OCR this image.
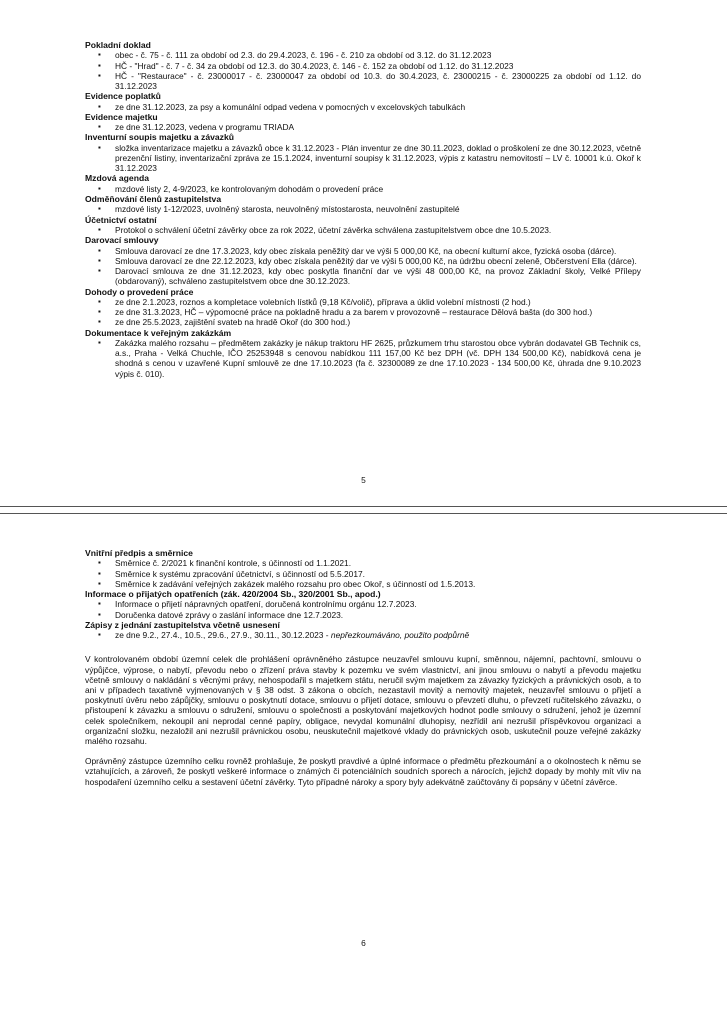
Pokladní doklad
▪ obec - č. 75 - č. 111 za období od 2.3. do 29.4.2023, č. 196 - č. 210 za období od 3.12. do 31.12.2023
▪ HČ - "Hrad" - č. 7 - č. 34 za období od 12.3. do 30.4.2023, č. 146 - č. 152 za období od 1.12. do 31.12.2023
▪ HČ - "Restaurace" - č. 23000017 - č. 23000047 za období od 10.3. do 30.4.2023, č. 23000215 - č. 23000225 za období od 1.12. do 31.12.2023
Evidence poplatků
▪ ze dne 31.12.2023, za psy a komunální odpad vedena v pomocných v excelovských tabulkách
Evidence majetku
▪ ze dne 31.12.2023, vedena v programu TRIADA
Inventurní soupis majetku a závazků
▪ složka inventarizace majetku a závazků obce k 31.12.2023 - Plán inventur ze dne 30.11.2023, doklad o proškolení ze dne 30.12.2023, včetně prezenční listiny, inventarizační zpráva ze 15.1.2024, inventurní soupisy k 31.12.2023, výpis z katastru nemovitostí – LV č. 10001 k.ú. Okoř k 31.12.2023
Mzdová agenda
▪ mzdové listy 2, 4-9/2023, ke kontrolovaným dohodám o provedení práce
Odměňování členů zastupitelstva
▪ mzdové listy 1-12/2023, uvolněný starosta, neuvolněný místostarosta, neuvolnění zastupitelé
Účetnictví ostatní
▪ Protokol o schválení účetní závěrky obce za rok 2022, účetní závěrka schválena zastupitelstvem obce dne 10.5.2023.
Darovací smlouvy
▪ Smlouva darovací ze dne 17.3.2023, kdy obec získala peněžitý dar ve výši 5 000,00 Kč, na obecní kulturní akce, fyzická osoba (dárce).
▪ Smlouva darovací ze dne 22.12.2023, kdy obec získala peněžitý dar ve výši 5 000,00 Kč, na údržbu obecní zeleně, Občerstvení Ella (dárce).
▪ Darovací smlouva ze dne 31.12.2023, kdy obec poskytla finanční dar ve výši 48 000,00 Kč, na provoz Základní školy, Velké Přílepy (obdarovaný), schváleno zastupitelstvem obce dne 30.12.2023.
Dohody o provedení práce
▪ ze dne 2.1.2023, roznos a kompletace volebních lístků (9,18 Kč/volič), příprava a úklid volební místnosti (2 hod.)
▪ ze dne 31.3.2023, HČ – výpomocné práce na pokladně hradu a za barem v provozovně – restaurace Dělová bašta (do 300 hod.)
▪ ze dne 25.5.2023, zajištění svateb na hradě Okoř (do 300 hod.)
Dokumentace k veřejným zakázkám
▪ Zakázka malého rozsahu – předmětem zakázky je nákup traktoru HF 2625, průzkumem trhu starostou obce vybrán dodavatel GB Technik cs, a.s., Praha - Velká Chuchle, IČO 25253948 s cenovou nabídkou 111 157,00 Kč bez DPH (vč. DPH 134 500,00 Kč), nabídková cena je shodná s cenou v uzavřené Kupní smlouvě ze dne 17.10.2023 (fa č. 32300089 ze dne 17.10.2023 - 134 500,00 Kč, úhrada dne 9.10.2023 výpis č. 010).
5
Vnitřní předpis a směrnice
▪ Směrnice č. 2/2021 k finanční kontrole, s účinností od 1.1.2021.
▪ Směrnice k systému zpracování účetnictví, s účinností od 5.5.2017.
▪ Směrnice k zadávání veřejných zakázek malého rozsahu pro obec Okoř, s účinností od 1.5.2013.
Informace o přijatých opatřeních (zák. 420/2004 Sb., 320/2001 Sb., apod.)
▪ Informace o přijetí nápravných opatření, doručená kontrolnímu orgánu 12.7.2023.
▪ Doručenka datové zprávy o zaslání informace dne 12.7.2023.
Zápisy z jednání zastupitelstva včetně usnesení
▪ ze dne 9.2., 27.4., 10.5., 29.6., 27.9., 30.11., 30.12.2023 - nepřezkoumáváno, použito podpůrně

V kontrolovaném období územní celek dle prohlášení oprávněného zástupce neuzavřel smlouvu kupní, směnnou, nájemní, pachtovní, smlouvu o výpůjčce, výprose, o nabytí, převodu nebo o zřízení práva stavby k pozemku ve svém vlastnictví, ani jinou smlouvu o nabytí a převodu majetku včetně smlouvy o nakládání s věcnými právy, nehospodařil s majetkem státu, neručil svým majetkem za závazky fyzických a právnických osob, a to ani v případech taxativně vyjmenovaných v § 38 odst. 3 zákona o obcích, nezastavil movitý a nemovitý majetek, neuzavřel smlouvu o přijetí a poskytnutí úvěru nebo zápůjčky, smlouvu o poskytnutí dotace, smlouvu o přijetí dotace, smlouvu o převzetí dluhu, o převzetí ručitelského závazku, o přistoupení k závazku a smlouvu o sdružení, smlouvu o společnosti a poskytování majetkových hodnot podle smlouvy o sdružení, jehož je územní celek společníkem, nekoupil ani neprodal cenné papíry, obligace, nevydal komunální dluhopisy, nezřídil ani nezrušil příspěvkovou organizaci a organizační složku, nezaložil ani nezrušil právnickou osobu, neuskutečnil majetkové vklady do právnických osob, uskutečnil pouze veřejné zakázky malého rozsahu.

Oprávněný zástupce územního celku rovněž prohlašuje, že poskytl pravdivé a úplné informace o předmětu přezkoumání a o okolnostech k němu se vztahujících, a zároveň, že poskytl veškeré informace o známých či potenciálních soudních sporech a nárocích, jejichž dopady by mohly mít vliv na hospodaření územního celku a sestavení účetní závěrky. Tyto případné nároky a spory byly adekvátně zaúčtovány či popsány v účetní závěrce.

6
